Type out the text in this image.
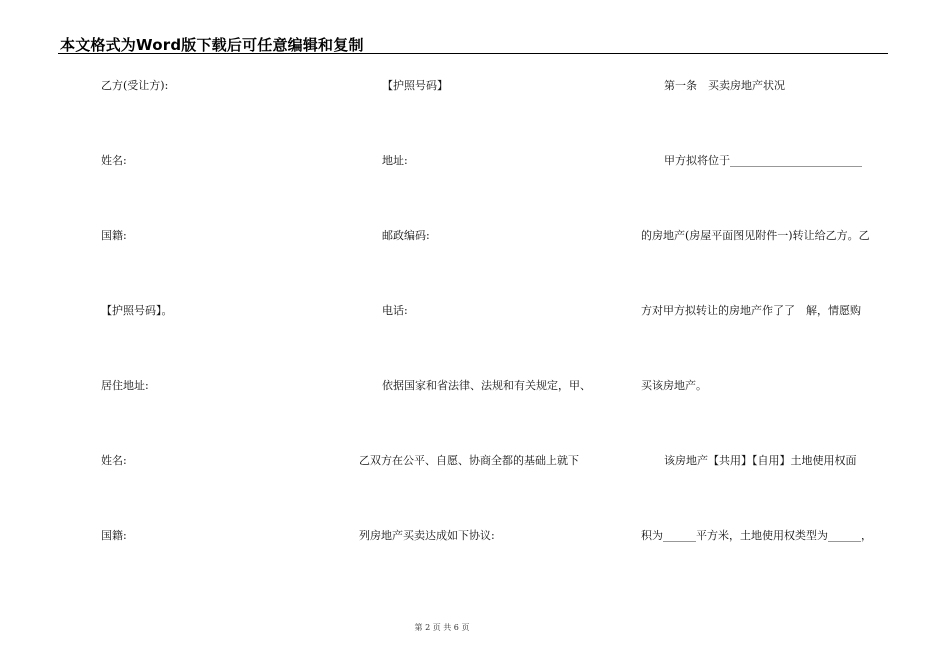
本文格式为Word版下载后可任意编辑和复制
乙方(受让方):
姓名:
国籍:
【护照号码】。
居住地址:
姓名:
国籍:
【护照号码】
地址:
邮政编码:
电话:
依据国家和省法律、法规和有关规定，甲、
乙双方在公平、自愿、协商全都的基础上就下
列房地产买卖达成如下协议:
第一条　买卖房地产状况
甲方拟将位于________________________
的房地产(房屋平面图见附件一)转让给乙方。乙
方对甲方拟转让的房地产作了了　解，情愿购
买该房地产。
该房地产【共用】【自用】土地使用权面
积为______平方米，土地使用权类型为______，
第 2 页 共 6 页
